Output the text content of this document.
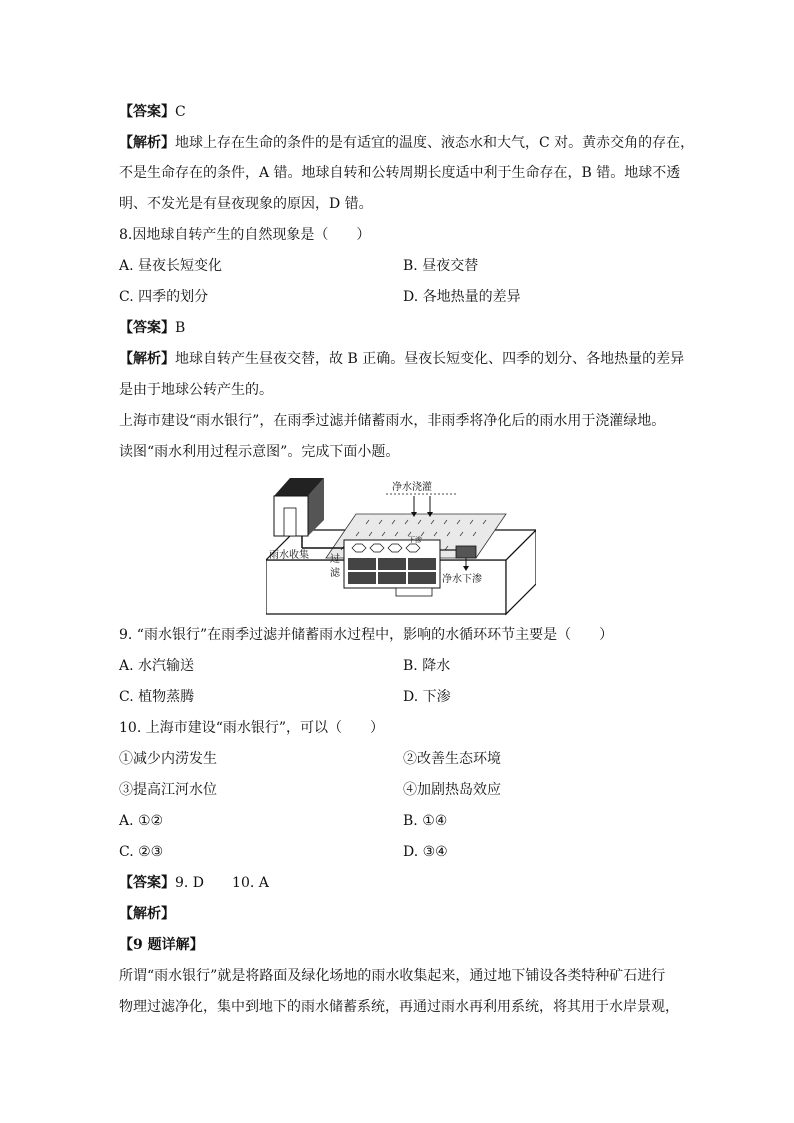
【答案】C
【解析】地球上存在生命的条件的是有适宜的温度、液态水和大气，C 对。黄赤交角的存在，
不是生命存在的条件，A 错。地球自转和公转周期长度适中利于生命存在，B 错。地球不透
明、不发光是有昼夜现象的原因，D 错。
8.因地球自转产生的自然现象是（　　）
A. 昼夜长短变化	B. 昼夜交替
C. 四季的划分	D. 各地热量的差异
【答案】B
【解析】地球自转产生昼夜交替，故 B 正确。昼夜长短变化、四季的划分、各地热量的差异
是由于地球公转产生的。
上海市建设“雨水银行”，在雨季过滤并储蓄雨水，非雨季将净化后的雨水用于浇灌绿地。
读图“雨水利用过程示意图”。完成下面小题。
净水浇灌
雨水收集 过
滤
净水下渗
下渗
9. “雨水银行”在雨季过滤并储蓄雨水过程中，影响的水循环环节主要是（　　）
A. 水汽输送	B. 降水
C. 植物蒸腾	D. 下渗
10. 上海市建设“雨水银行”，可以（　　）
①减少内涝发生	②改善生态环境
③提高江河水位	④加剧热岛效应
A. ①②	B. ①④
C. ②③	D. ③④
【答案】9. D　　10. A
【解析】
【9 题详解】
所谓“雨水银行”就是将路面及绿化场地的雨水收集起来，通过地下铺设各类特种矿石进行
物理过滤净化，集中到地下的雨水储蓄系统，再通过雨水再利用系统，将其用于水岸景观，
